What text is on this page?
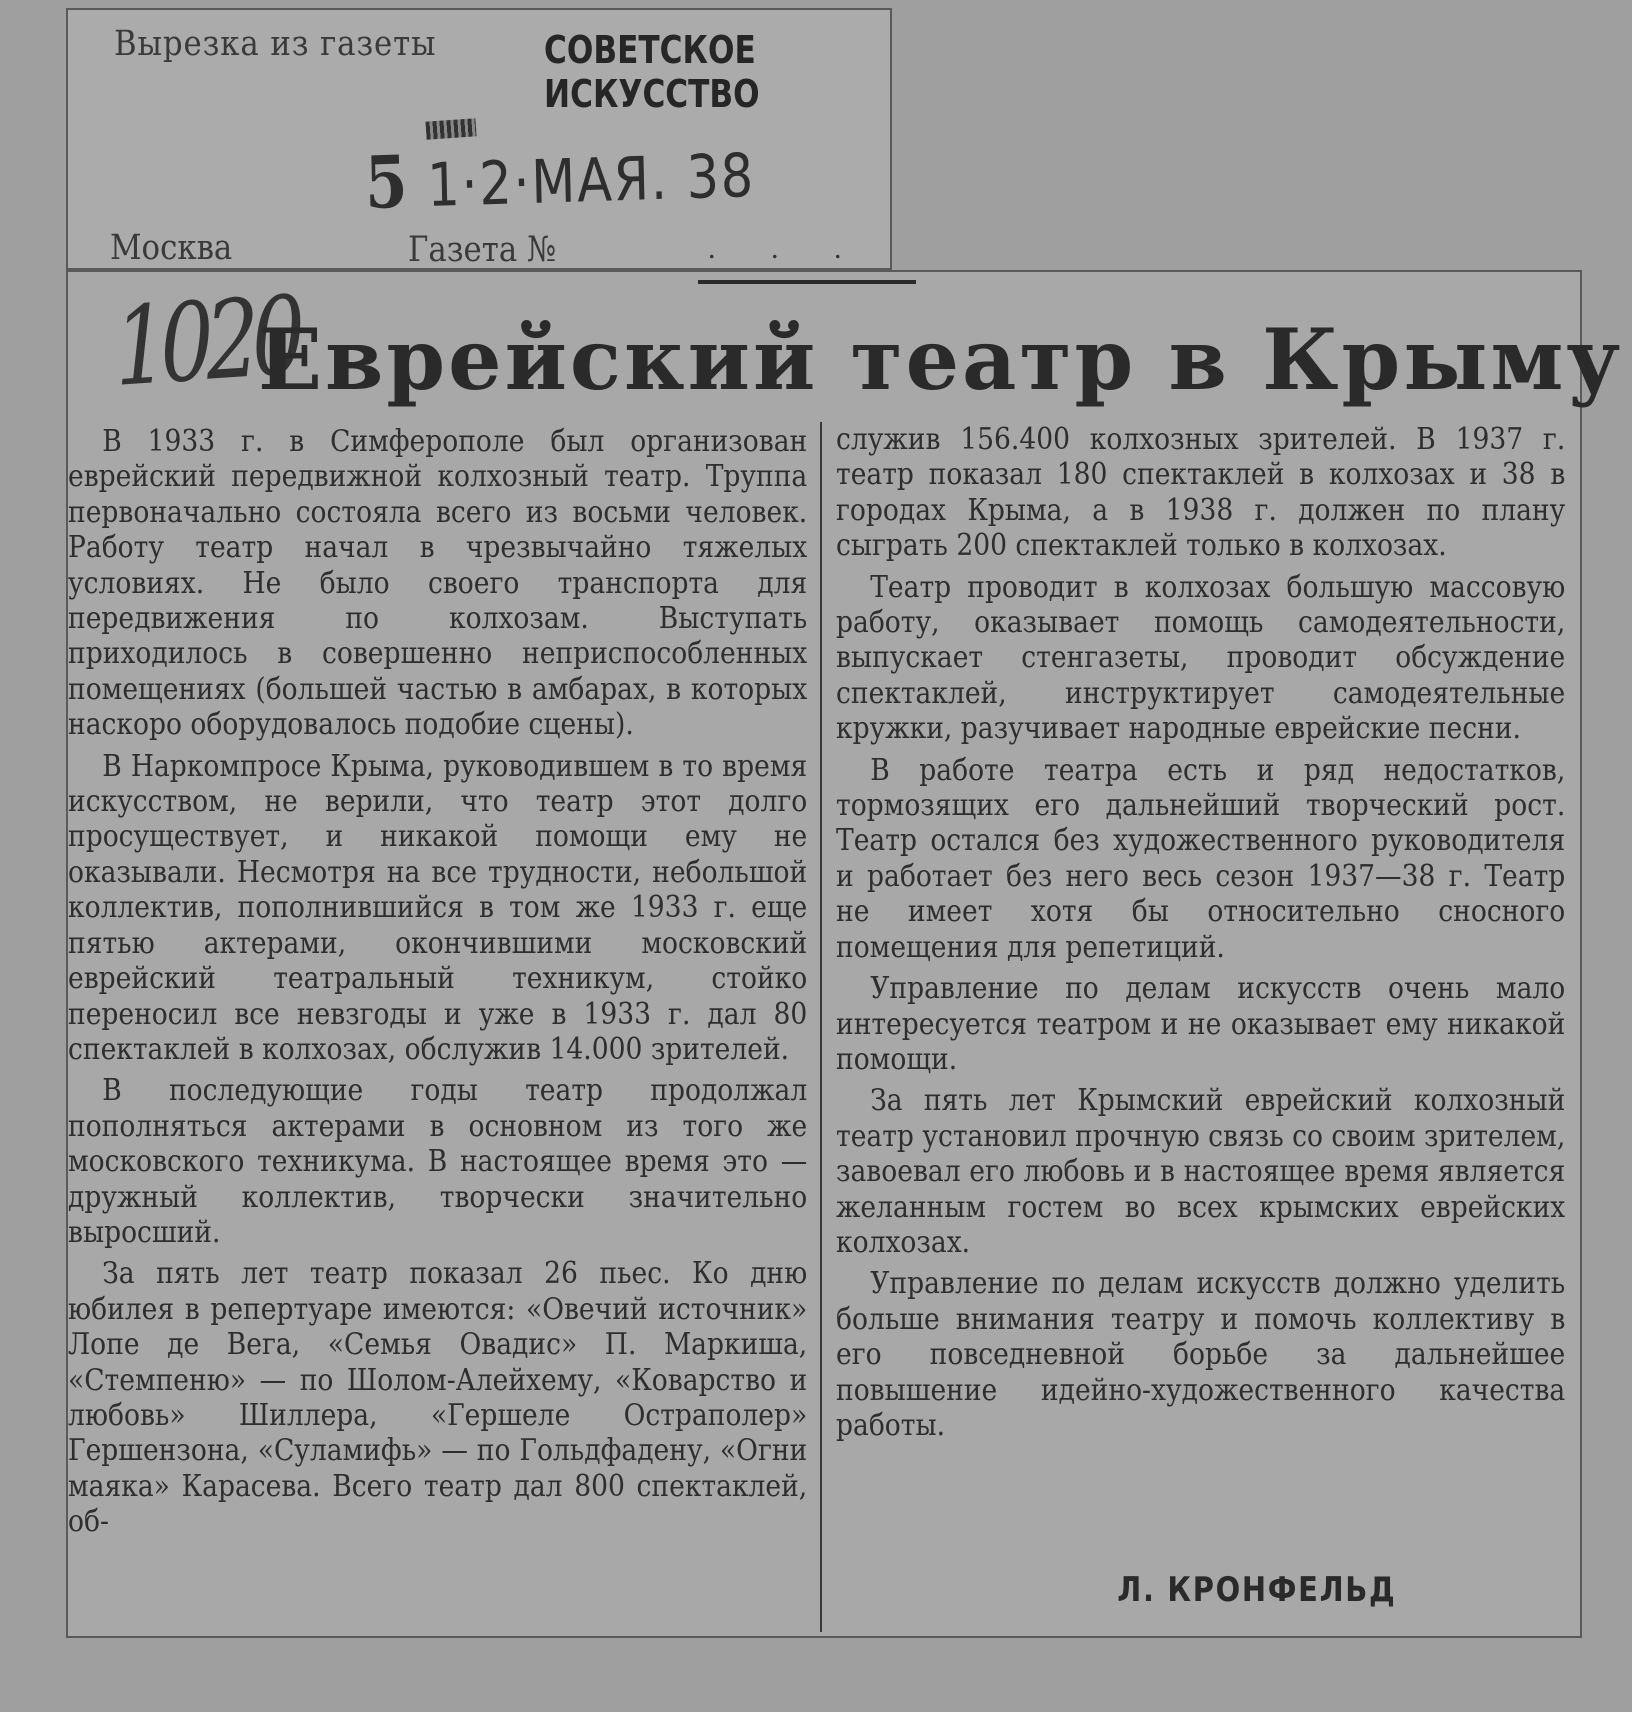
Вырезка из газеты	СОВЕТСКОЕ
ИСКУССТВО
5 1·2·МАЯ. 38
Москва	Газета №	. . .
1020
Еврейский театр в Крыму

В 1933 г. в Симферополе был организован еврейский передвижной колхозный театр. Труппа первоначально состояла всего из восьми человек. Работу театр начал в чрезвычайно тяжелых условиях. Не было своего транспорта для передвижения по колхозам. Выступать приходилось в совершенно неприспособленных помещениях (большей частью в амбарах, в которых наскоро оборудовалось подобие сцены).

В Наркомпросе Крыма, руководившем в то время искусством, не верили, что театр этот долго просуществует, и никакой помощи ему не оказывали. Несмотря на все трудности, небольшой коллектив, пополнившийся в том же 1933 г. еще пятью актерами, окончившими московский еврейский театральный техникум, стойко переносил все невзгоды и уже в 1933 г. дал 80 спектаклей в колхозах, обслужив 14.000 зрителей.

В последующие годы театр продолжал пополняться актерами в основном из того же московского техникума. В настоящее время это — дружный коллектив, творчески значительно выросший.

За пять лет театр показал 26 пьес. Ко дню юбилея в репертуаре имеются: «Овечий источник» Лопе де Вега, «Семья Овадис» П. Маркиша, «Стемпеню» — по Шолом-Алейхему, «Коварство и любовь» Шиллера, «Гершеле Остраполер» Гершензона, «Суламифь» — по Гольдфадену, «Огни маяка» Карасева. Всего театр дал 800 спектаклей, об-

служив 156.400 колхозных зрителей. В 1937 г. театр показал 180 спектаклей в колхозах и 38 в городах Крыма, а в 1938 г. должен по плану сыграть 200 спектаклей только в колхозах.

Театр проводит в колхозах большую массовую работу, оказывает помощь самодеятельности, выпускает стенгазеты, проводит обсуждение спектаклей, инструктирует самодеятельные кружки, разучивает народные еврейские песни.

В работе театра есть и ряд недостатков, тормозящих его дальнейший творческий рост. Театр остался без художественного руководителя и работает без него весь сезон 1937—38 г. Театр не имеет хотя бы относительно сносного помещения для репетиций.

Управление по делам искусств очень мало интересуется театром и не оказывает ему никакой помощи.

За пять лет Крымский еврейский колхозный театр установил прочную связь со своим зрителем, завоевал его любовь и в настоящее время является желанным гостем во всех крымских еврейских колхозах.

Управление по делам искусств должно уделить больше внимания театру и помочь коллективу в его повседневной борьбе за дальнейшее повышение идейно-художественного качества работы.

Л. КРОНФЕЛЬД
